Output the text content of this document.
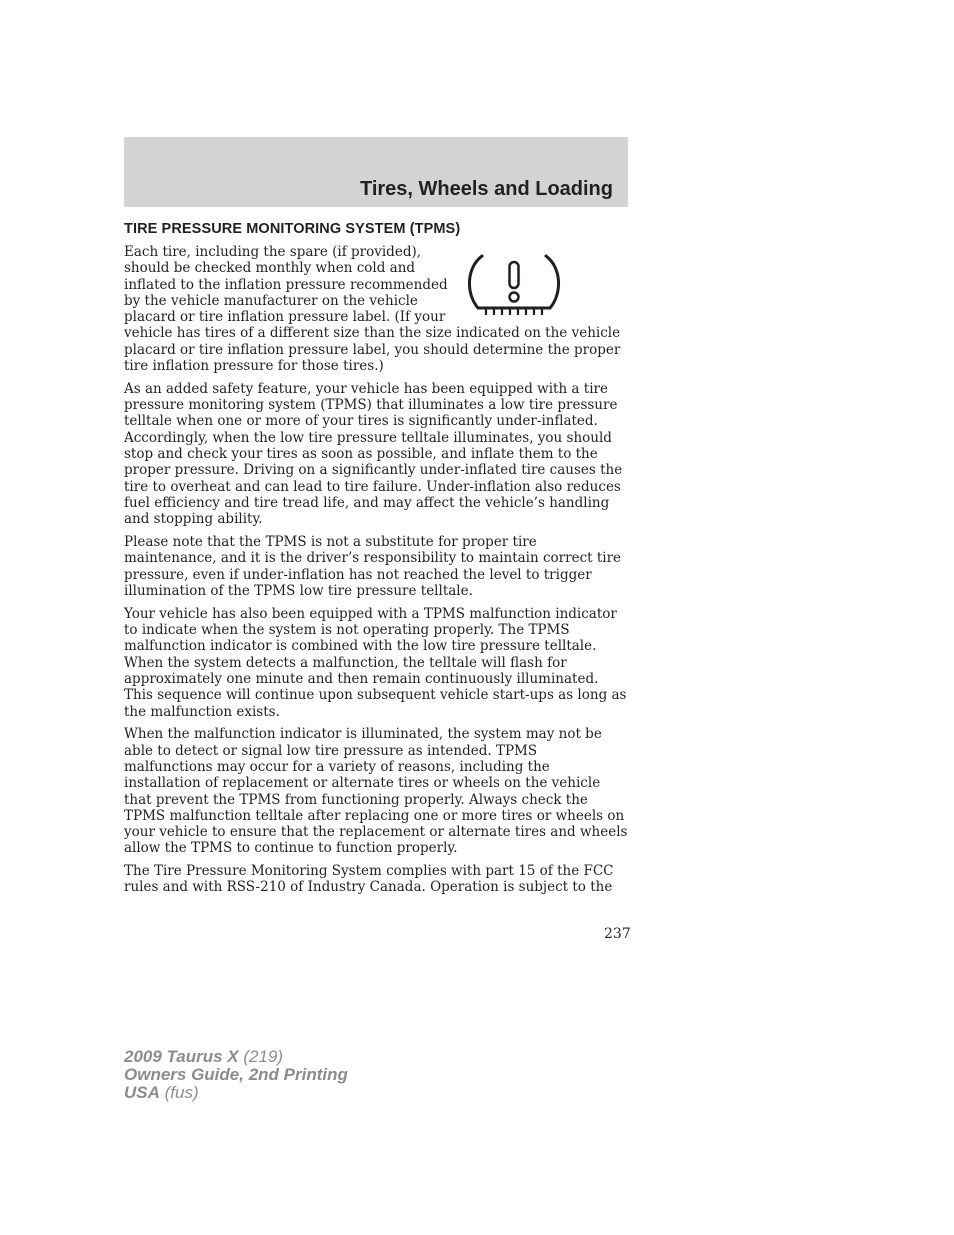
Tires, Wheels and Loading
TIRE PRESSURE MONITORING SYSTEM (TPMS)

Each tire, including the spare (if provided), should be checked monthly when cold and inflated to the inflation pressure recommended by the vehicle manufacturer on the vehicle placard or tire inflation pressure label. (If your vehicle has tires of a different size than the size indicated on the vehicle placard or tire inflation pressure label, you should determine the proper tire inflation pressure for those tires.)

As an added safety feature, your vehicle has been equipped with a tire pressure monitoring system (TPMS) that illuminates a low tire pressure telltale when one or more of your tires is significantly under-inflated. Accordingly, when the low tire pressure telltale illuminates, you should stop and check your tires as soon as possible, and inflate them to the proper pressure. Driving on a significantly under-inflated tire causes the tire to overheat and can lead to tire failure. Under-inflation also reduces fuel efficiency and tire tread life, and may affect the vehicle’s handling and stopping ability.

Please note that the TPMS is not a substitute for proper tire maintenance, and it is the driver’s responsibility to maintain correct tire pressure, even if under-inflation has not reached the level to trigger illumination of the TPMS low tire pressure telltale.

Your vehicle has also been equipped with a TPMS malfunction indicator to indicate when the system is not operating properly. The TPMS malfunction indicator is combined with the low tire pressure telltale. When the system detects a malfunction, the telltale will flash for approximately one minute and then remain continuously illuminated. This sequence will continue upon subsequent vehicle start-ups as long as the malfunction exists.

When the malfunction indicator is illuminated, the system may not be able to detect or signal low tire pressure as intended. TPMS malfunctions may occur for a variety of reasons, including the installation of replacement or alternate tires or wheels on the vehicle that prevent the TPMS from functioning properly. Always check the TPMS malfunction telltale after replacing one or more tires or wheels on your vehicle to ensure that the replacement or alternate tires and wheels allow the TPMS to continue to function properly.

The Tire Pressure Monitoring System complies with part 15 of the FCC rules and with RSS-210 of Industry Canada. Operation is subject to the

237
2009 Taurus X (219)
Owners Guide, 2nd Printing
USA (fus)
